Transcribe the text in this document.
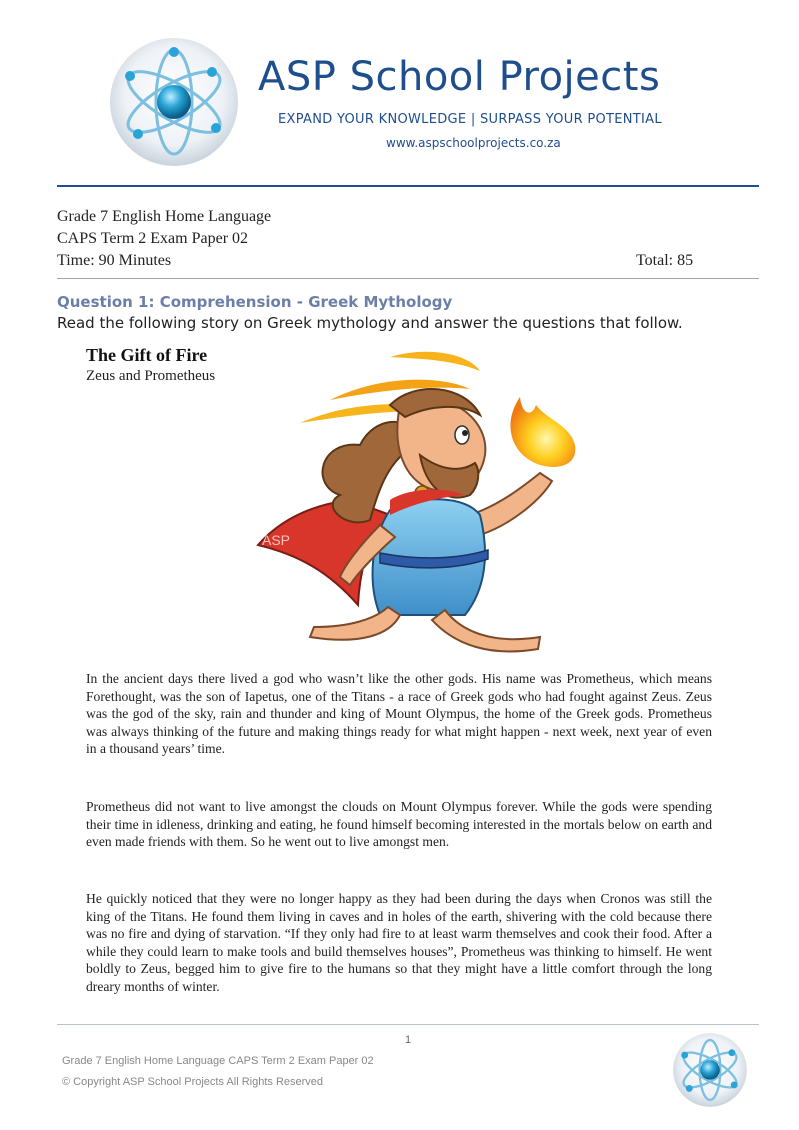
ASP School Projects
EXPAND YOUR KNOWLEDGE | SURPASS YOUR POTENTIAL
www.aspschoolprojects.co.za
Grade 7 English Home Language
CAPS Term 2 Exam Paper 02
Time: 90 Minutes	Total: 85
Question 1: Comprehension - Greek Mythology
Read the following story on Greek mythology and answer the questions that follow.
The Gift of Fire
Zeus and Prometheus
ASP
In the ancient days there lived a god who wasn’t like the other gods. His name was Prometheus, which means Forethought, was the son of Iapetus, one of the Titans - a race of Greek gods who had fought against Zeus. Zeus was the god of the sky, rain and thunder and king of Mount Olympus, the home of the Greek gods. Prometheus was always thinking of the future and making things ready for what might happen - next week, next year of even in a thousand years’ time.
Prometheus did not want to live amongst the clouds on Mount Olympus forever. While the gods were spending their time in idleness, drinking and eating, he found himself becoming interested in the mortals below on earth and even made friends with them. So he went out to live amongst men.
He quickly noticed that they were no longer happy as they had been during the days when Cronos was still the king of the Titans. He found them living in caves and in holes of the earth, shivering with the cold because there was no fire and dying of starvation. “If they only had fire to at least warm themselves and cook their food. After a while they could learn to make tools and build themselves houses”, Prometheus was thinking to himself. He went boldly to Zeus, begged him to give fire to the humans so that they might have a little comfort through the long dreary months of winter.
1
Grade 7 English Home Language CAPS Term 2 Exam Paper 02
© Copyright ASP School Projects All Rights Reserved
